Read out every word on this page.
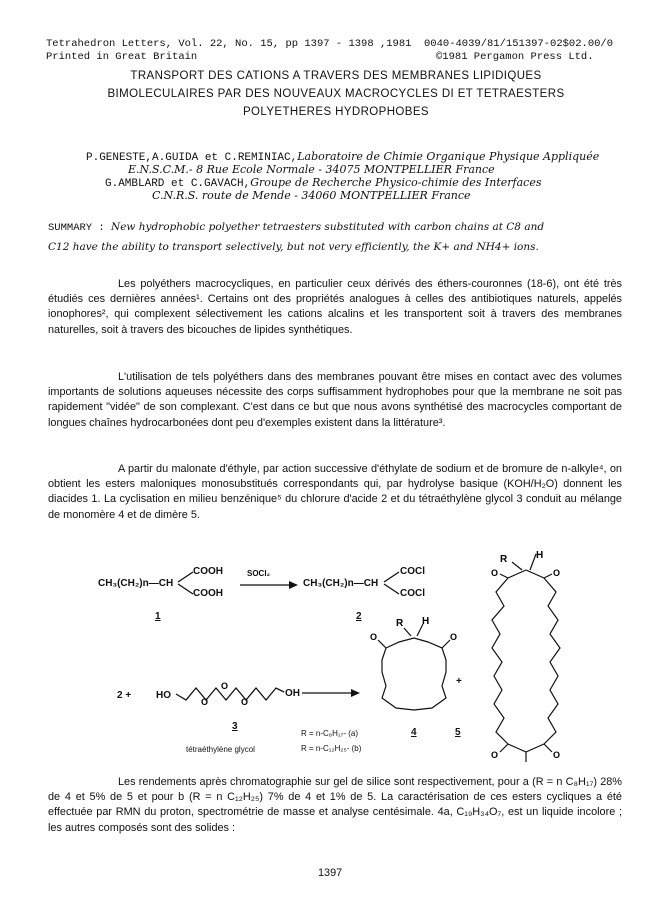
Tetrahedron Letters, Vol. 22, No. 15, pp 1397 - 1398 ,1981
Printed in Great Britain
0040-4039/81/151397-02$02.00/0
©1981 Pergamon Press Ltd.
TRANSPORT DES CATIONS A TRAVERS DES MEMBRANES LIPIDIQUES
BIMOLECULAIRES PAR DES NOUVEAUX MACROCYCLES DI ET TETRAESTERS
POLYETHERES HYDROPHOBES
P.GENESTE,A.GUIDA et C.REMINIAC,Laboratoire de Chimie Organique Physique Appliquée
E.N.S.C.M.- 8 Rue Ecole Normale - 34075 MONTPELLIER France
G.AMBLARD et C.GAVACH,Groupe de Recherche Physico-chimie des Interfaces
C.N.R.S. route de Mende - 34060 MONTPELLIER France
SUMMARY : New hydrophobic polyether tetraesters substituted with carbon chains at C8 and
C12 have the ability to transport selectively, but not very efficiently, the K+ and NH4+ ions.
Les polyéthers macrocycliques, en particulier ceux dérivés des éthers-couronnes (18-6), ont été très étudiés ces dernières années¹. Certains ont des propriétés analogues à celles des antibiotiques naturels, appelés ionophores², qui complexent sélectivement les cations alcalins et les transportent soit à travers des membranes naturelles, soit à travers des bicouches de lipides synthétiques.
L'utilisation de tels polyéthers dans des membranes pouvant être mises en contact avec des volumes importants de solutions aqueuses nécessite des corps suffisamment hydrophobes pour que la membrane ne soit pas rapidement "vidée" de son complexant. C'est dans ce but que nous avons synthétisé des macrocycles comportant de longues chaînes hydrocarbonées dont peu d'exemples existent dans la littérature³.
A partir du malonate d'éthyle, par action successive d'éthylate de sodium et de bromure de n-alkyle⁴, on obtient les esters maloniques monosubstitués correspondants qui, par hydrolyse basique (KOH/H₂O) donnent les diacides 1. La cyclisation en milieu benzénique⁵ du chlorure d'acide 2 et du tétraéthylène glycol 3 conduit au mélange de monomère 4 et de dimère 5.
CH₃(CH₂)n—CH
COOH
COOH
SOCl₂
→ CH₃(CH₂)n—CH
COCl
COCl
1	2
2 + HO
O
O
O
OH
3
tétraéthylène glycol
R H
O	O
+
R = n-C₈H₁₇- (a)
R = n-C₁₂H₂₅- (b)
4
R	H
O	O
O	O
5
Les rendements après chromatographie sur gel de silice sont respectivement, pour a (R = n C₈H₁₇) 28% de 4 et 5% de 5 et pour b (R = n C₁₂H₂₅) 7% de 4 et 1% de 5. La caractérisation de ces esters cycliques a été effectuée par RMN du proton, spectrométrie de masse et analyse centésimale. 4a, C₁₉H₃₄O₇, est un liquide incolore ; les autres composés sont des solides :
1397
